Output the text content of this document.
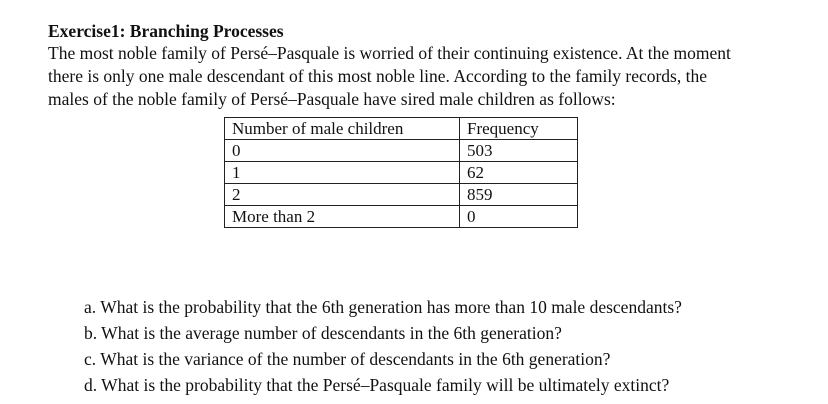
Exercise1: Branching Processes
The most noble family of Persé–Pasquale is worried of their continuing existence. At the moment
there is only one male descendant of this most noble line. According to the family records, the
males of the noble family of Persé–Pasquale have sired male children as follows:
Number of male children	Frequency
0	503
1	62
2	859
More than 2	0
a. What is the probability that the 6th generation has more than 10 male descendants?
b. What is the average number of descendants in the 6th generation?
c. What is the variance of the number of descendants in the 6th generation?
d. What is the probability that the Persé–Pasquale family will be ultimately extinct?
